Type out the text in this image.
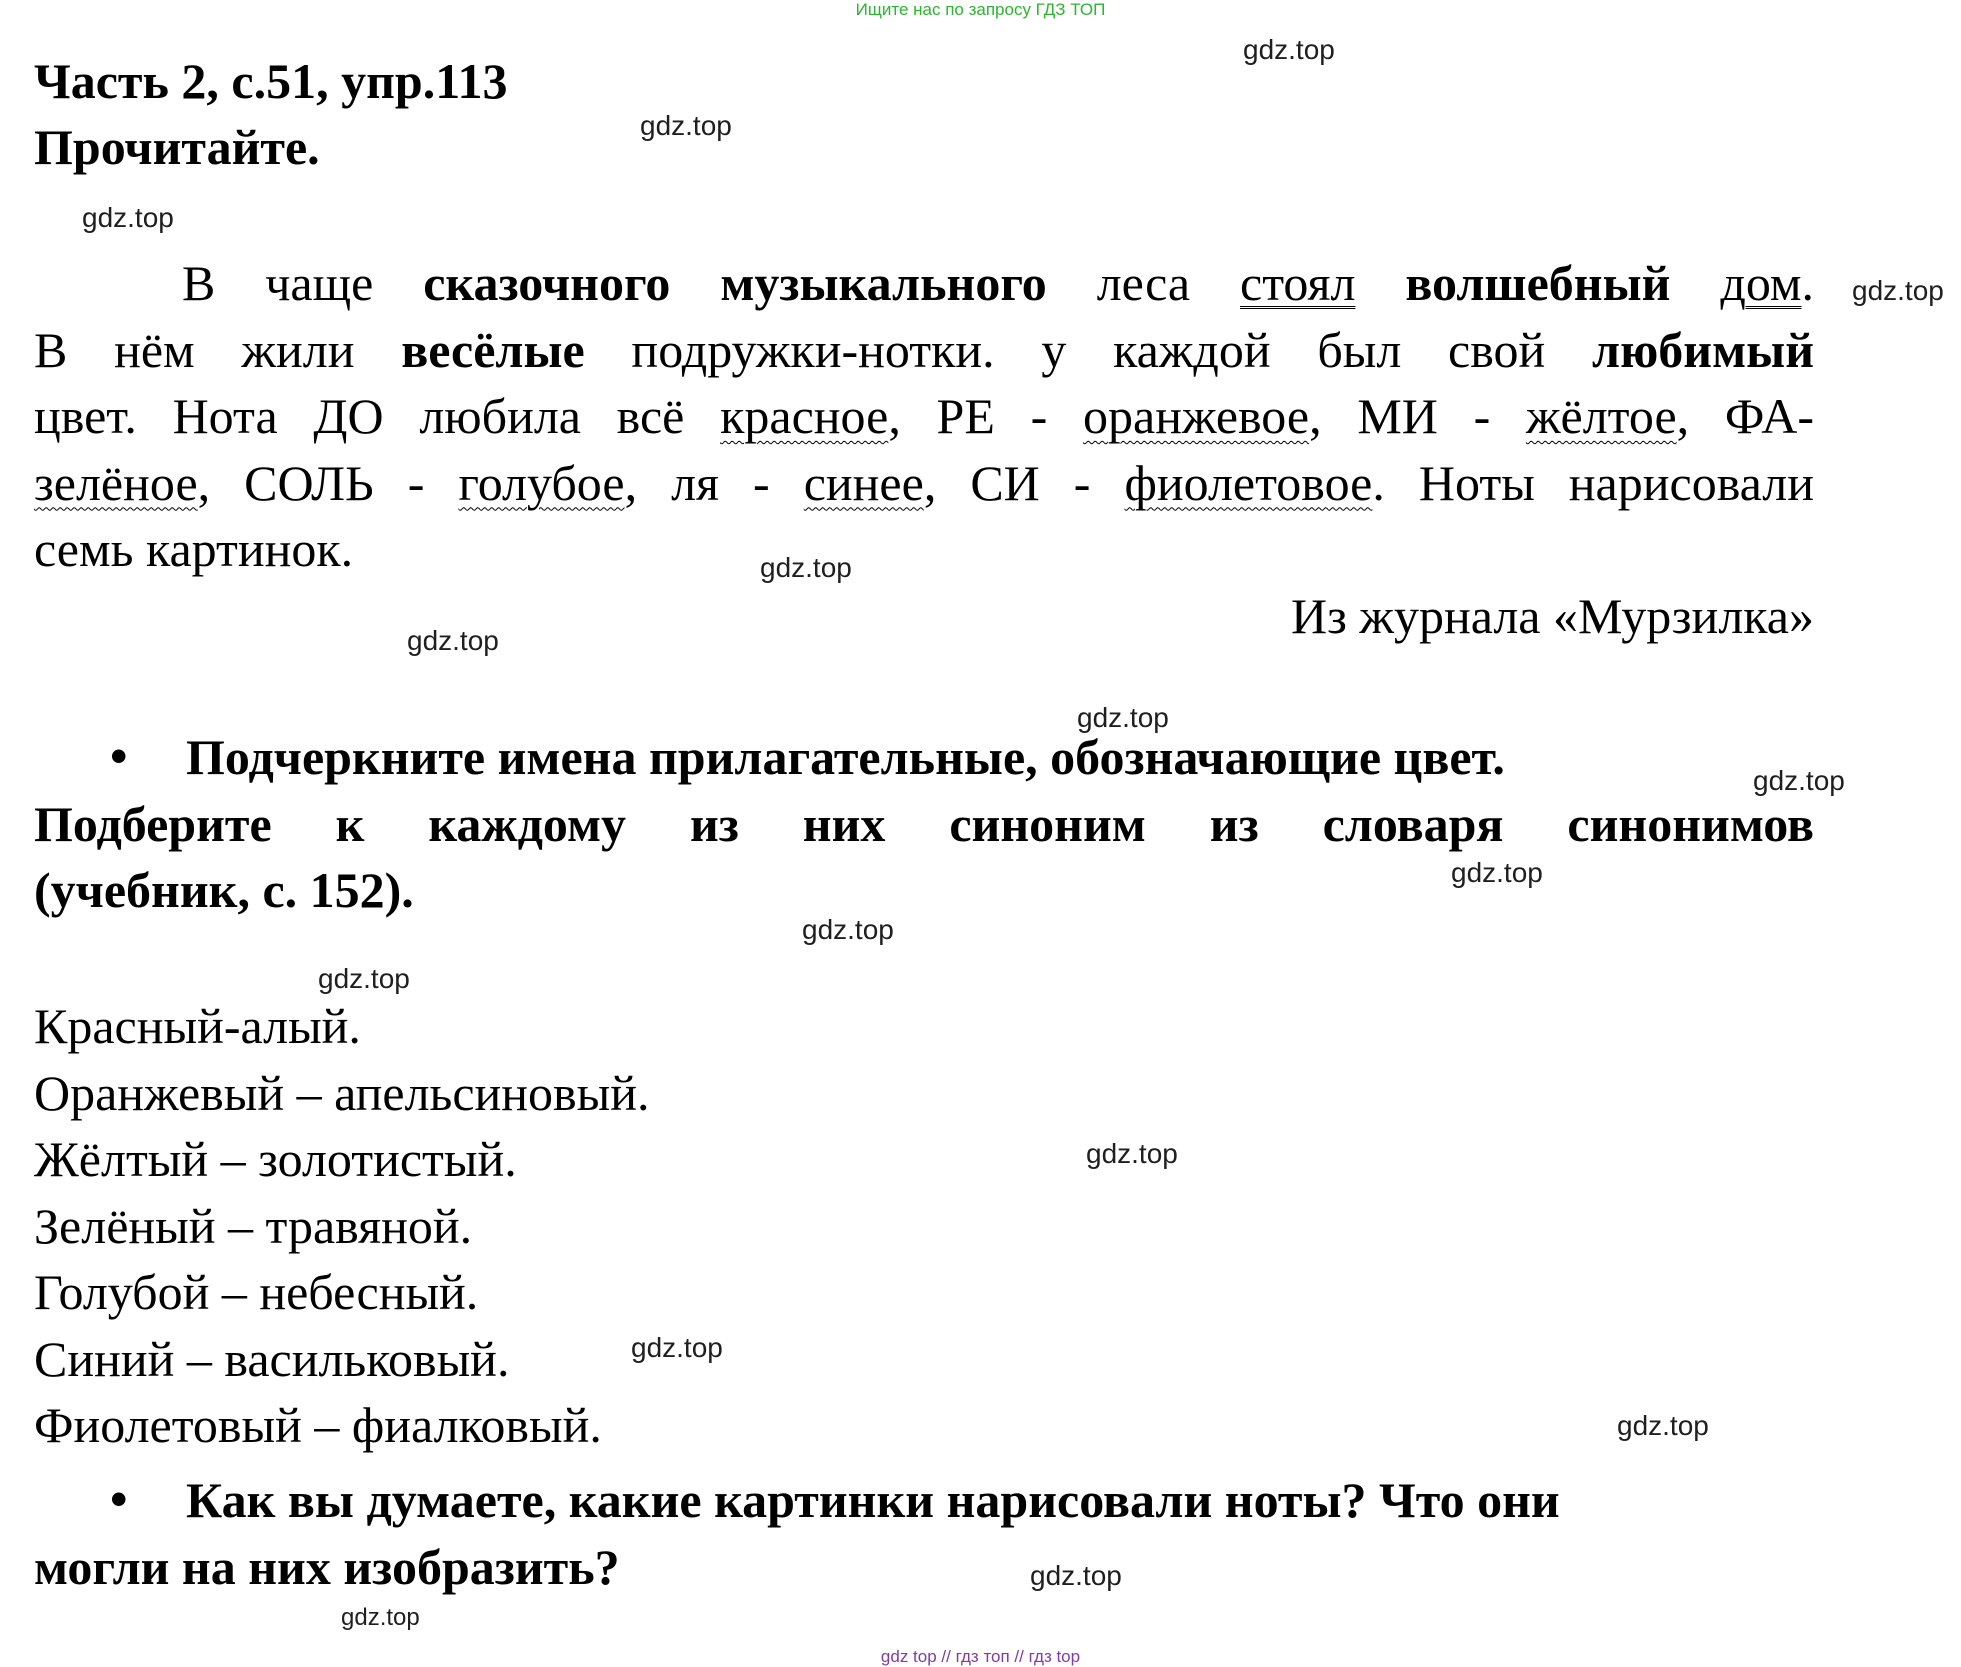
Ищите нас по запросу ГДЗ ТОП
Часть 2, с.51, упр.113
Прочитайте.
В чаще сказочного музыкального леса стоял волшебный дом.
В нём жили весёлые подружки-нотки. у каждой был свой любимый
цвет. Нота ДО любила всё красное, РЕ - оранжевое, МИ - жёлтое, ФА-
зелёное, СОЛЬ - голубое, ля - синее, СИ - фиолетовое. Ноты нарисовали
семь картинок.
Из журнала «Мурзилка»
•	Подчеркните имена прилагательные, обозначающие цвет.
Подберите к каждому из них синоним из словаря синонимов
(учебник, с. 152).
Красный-алый.
Оранжевый – апельсиновый.
Жёлтый – золотистый.
Зелёный – травяной.
Голубой – небесный.
Синий – васильковый.
Фиолетовый – фиалковый.
•	Как вы думаете, какие картинки нарисовали ноты? Что они
могли на них изобразить?
gdz.top
gdz.top
gdz.top
gdz.top
gdz.top
gdz.top
gdz.top
gdz.top
gdz.top
gdz.top
gdz.top
gdz.top
gdz.top
gdz.top
gdz.top
gdz.top
gdz top // гдз топ // гдз top
